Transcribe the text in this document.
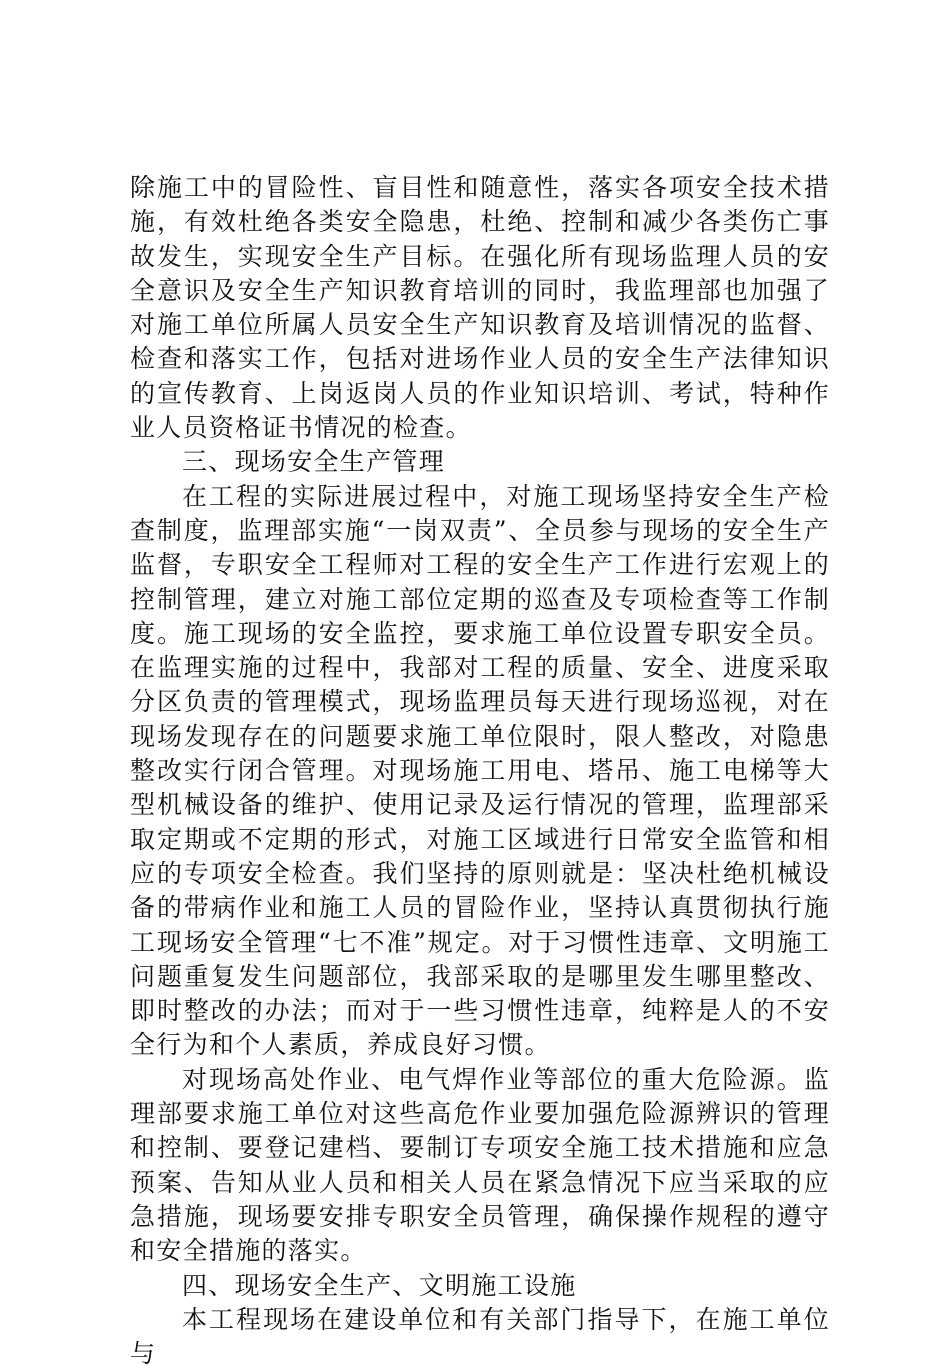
除施工中的冒险性、盲目性和随意性，落实各项安全技术措施，有效杜绝各类安全隐患，杜绝、控制和减少各类伤亡事故发生，实现安全生产目标。在强化所有现场监理人员的安全意识及安全生产知识教育培训的同时，我监理部也加强了对施工单位所属人员安全生产知识教育及培训情况的监督、检查和落实工作，包括对进场作业人员的安全生产法律知识的宣传教育、上岗返岗人员的作业知识培训、考试，特种作业人员资格证书情况的检查。

三、现场安全生产管理

在工程的实际进展过程中，对施工现场坚持安全生产检查制度，监理部实施“一岗双责”、全员参与现场的安全生产监督，专职安全工程师对工程的安全生产工作进行宏观上的控制管理，建立对施工部位定期的巡查及专项检查等工作制度。施工现场的安全监控，要求施工单位设置专职安全员。在监理实施的过程中，我部对工程的质量、安全、进度采取分区负责的管理模式，现场监理员每天进行现场巡视，对在现场发现存在的问题要求施工单位限时，限人整改，对隐患整改实行闭合管理。对现场施工用电、塔吊、施工电梯等大型机械设备的维护、使用记录及运行情况的管理，监理部采取定期或不定期的形式，对施工区域进行日常安全监管和相应的专项安全检查。我们坚持的原则就是：坚决杜绝机械设备的带病作业和施工人员的冒险作业，坚持认真贯彻执行施工现场安全管理“七不准”规定。对于习惯性违章、文明施工问题重复发生问题部位，我部采取的是哪里发生哪里整改、即时整改的办法；而对于一些习惯性违章，纯粹是人的不安全行为和个人素质，养成良好习惯。

对现场高处作业、电气焊作业等部位的重大危险源。监理部要求施工单位对这些高危作业要加强危险源辨识的管理和控制、要登记建档、要制订专项安全施工技术措施和应急预案、告知从业人员和相关人员在紧急情况下应当采取的应急措施，现场要安排专职安全员管理，确保操作规程的遵守和安全措施的落实。

四、现场安全生产、文明施工设施

本工程现场在建设单位和有关部门指导下，在施工单位与
